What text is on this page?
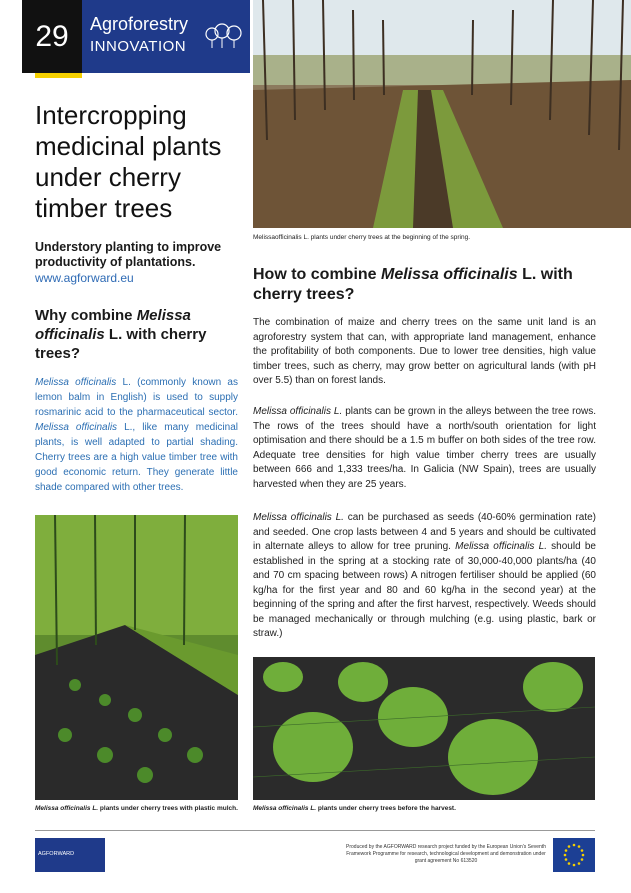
29	Agroforestry
INNOVATION
Intercropping medicinal plants under cherry timber trees
Understory planting to improve productivity of plantations.
www.agforward.eu
Why combine Melissa officinalis L. with cherry trees?
Melissa officinalis L. (commonly known as lemon balm in English) is used to supply rosmarinic acid to the pharmaceutical sector. Melissa officinalis L., like many medicinal plants, is well adapted to partial shading. Cherry trees are a high value timber tree with good economic return. They generate little shade compared with other trees.
Melissaofficinalis L. plants under cherry trees at the beginning of the spring.
How to combine Melissa officinalis L. with cherry trees?
The combination of maize and cherry trees on the same unit land is an agroforestry system that can, with appropriate land management, enhance the profitability of both components. Due to lower tree densities, high value timber trees, such as cherry, may grow better on agricultural lands (with pH over 5.5) than on forest lands.
Melissa officinalis L. plants can be grown in the alleys between the tree rows. The rows of the trees should have a north/south orientation for light optimisation and there should be a 1.5 m buffer on both sides of the tree row. Adequate tree densities for high value timber cherry trees are usually between 666 and 1,333 trees/ha. In Galicia (NW Spain), trees are usually harvested when they are 25 years.
Melissa officinalis L. can be purchased as seeds (40-60% germination rate) and seeded. One crop lasts between 4 and 5 years and should be cultivated in alternate alleys to allow for tree pruning. Melissa officinalis L. should be established in the spring at a stocking rate of 30,000-40,000 plants/ha (40 and 70 cm spacing between rows) A nitrogen fertiliser should be applied (60 kg/ha for the first year and 80 and 60 kg/ha in the second year) at the beginning of the spring and after the first harvest, respectively. Weeds should be managed mechanically or through mulching (e.g. using plastic, bark or straw.)
Melissa officinalis L. plants under cherry trees with plastic mulch.	Melissa officinalis L. plants under cherry trees before the harvest.
AGFORWARD
Produced by the AGFORWARD research project funded by the European Union's Seventh Framework Programme for research, technological development and demonstration under grant agreement No 613520
